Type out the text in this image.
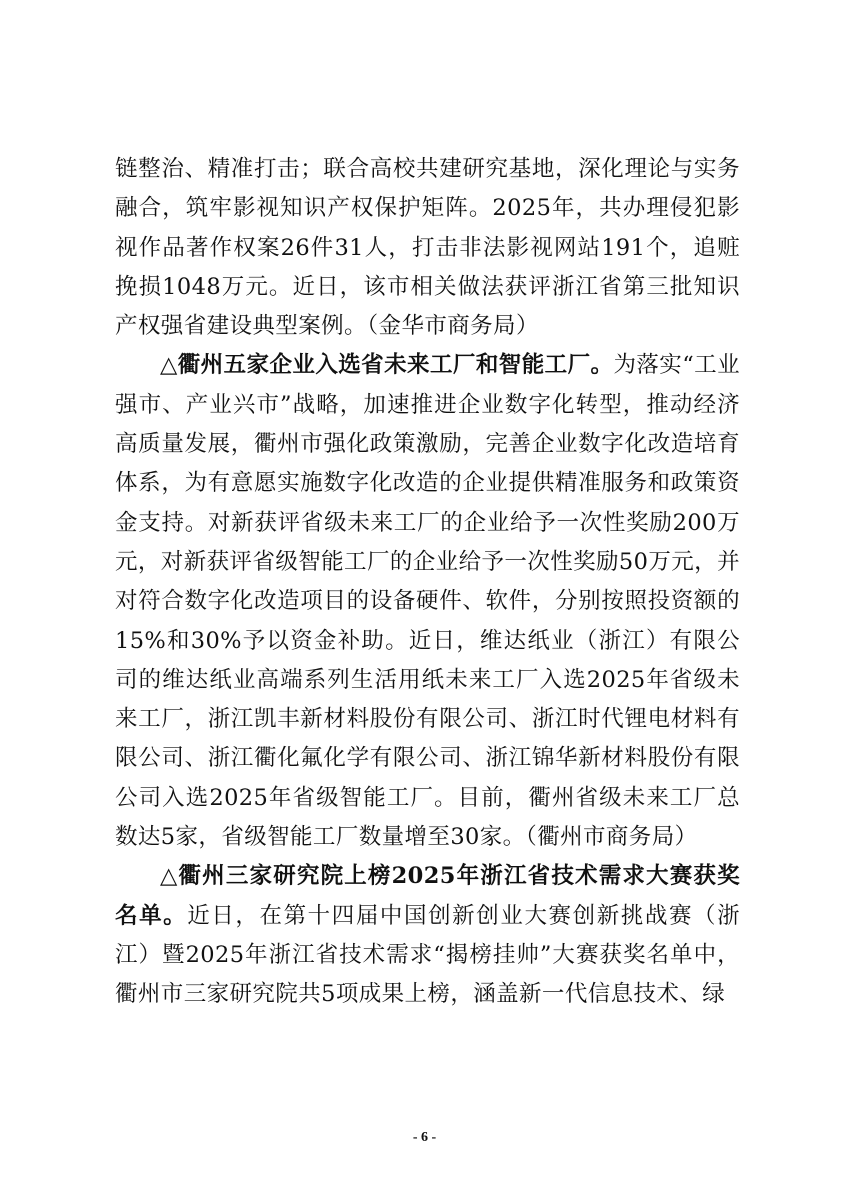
链整治、精准打击；联合高校共建研究基地，深化理论与实务融合，筑牢影视知识产权保护矩阵。2025年，共办理侵犯影视作品著作权案26件31人，打击非法影视网站191个，追赃挽损1048万元。近日，该市相关做法获评浙江省第三批知识产权强省建设典型案例。（金华市商务局）

△衢州五家企业入选省未来工厂和智能工厂。为落实“工业强市、产业兴市”战略，加速推进企业数字化转型，推动经济高质量发展，衢州市强化政策激励，完善企业数字化改造培育体系，为有意愿实施数字化改造的企业提供精准服务和政策资金支持。对新获评省级未来工厂的企业给予一次性奖励200万元，对新获评省级智能工厂的企业给予一次性奖励50万元，并对符合数字化改造项目的设备硬件、软件，分别按照投资额的15%和30%予以资金补助。近日，维达纸业（浙江）有限公司的维达纸业高端系列生活用纸未来工厂入选2025年省级未来工厂，浙江凯丰新材料股份有限公司、浙江时代锂电材料有限公司、浙江衢化氟化学有限公司、浙江锦华新材料股份有限公司入选2025年省级智能工厂。目前，衢州省级未来工厂总数达5家，省级智能工厂数量增至30家。（衢州市商务局）

△衢州三家研究院上榜2025年浙江省技术需求大赛获奖名单。近日，在第十四届中国创新创业大赛创新挑战赛（浙江）暨2025年浙江省技术需求“揭榜挂帅”大赛获奖名单中，衢州市三家研究院共5项成果上榜，涵盖新一代信息技术、绿

- 6 -
